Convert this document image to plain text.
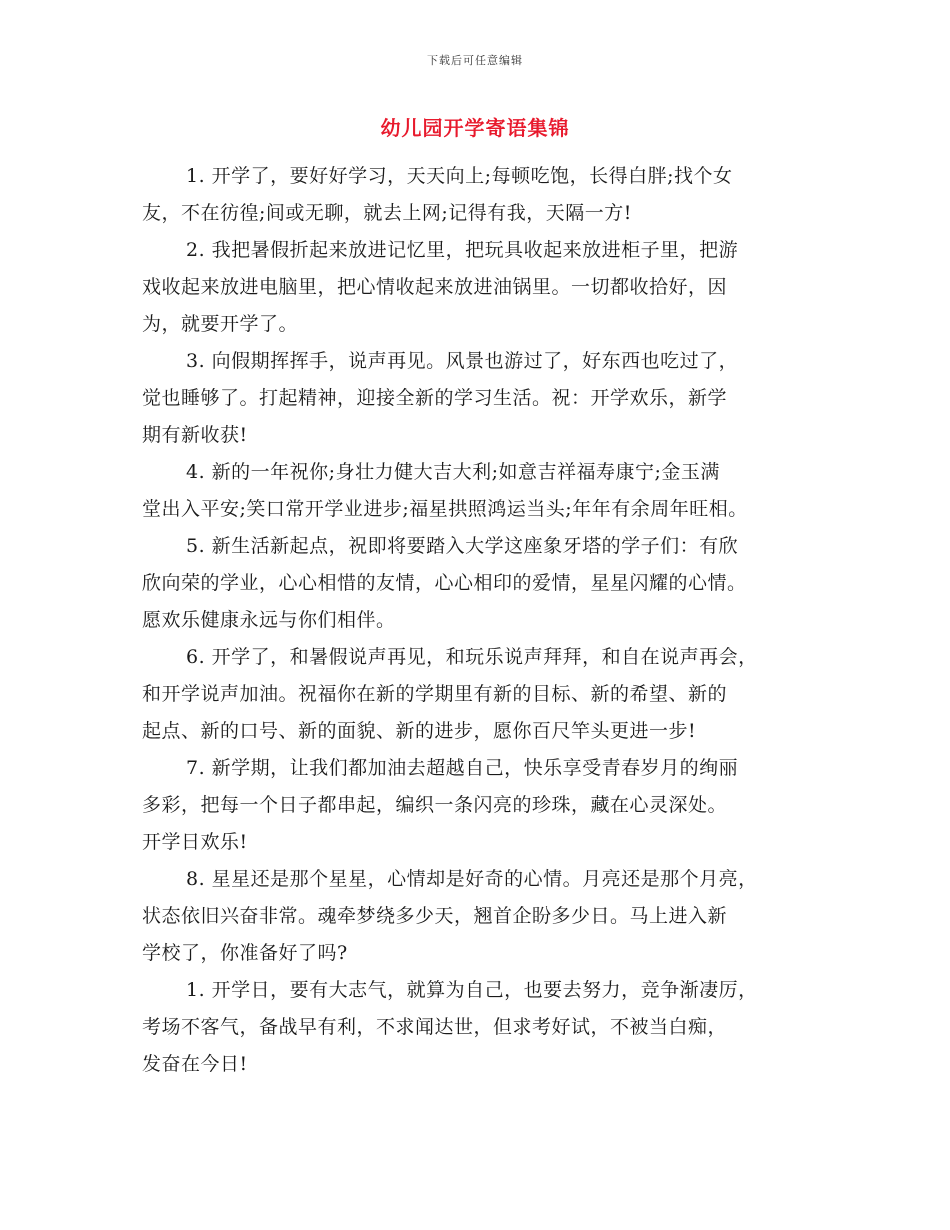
下载后可任意编辑
幼儿园开学寄语集锦
1. 开学了，要好好学习，天天向上;每顿吃饱，长得白胖;找个女
友，不在彷徨;间或无聊，就去上网;记得有我，天隔一方!
2. 我把暑假折起来放进记忆里，把玩具收起来放进柜子里，把游
戏收起来放进电脑里，把心情收起来放进油锅里。一切都收拾好，因
为，就要开学了。
3. 向假期挥挥手，说声再见。风景也游过了，好东西也吃过了，
觉也睡够了。打起精神，迎接全新的学习生活。祝：开学欢乐，新学
期有新收获!
4. 新的一年祝你;身壮力健大吉大利;如意吉祥福寿康宁;金玉满
堂出入平安;笑口常开学业进步;福星拱照鸿运当头;年年有余周年旺相。
5. 新生活新起点，祝即将要踏入大学这座象牙塔的学子们：有欣
欣向荣的学业，心心相惜的友情，心心相印的爱情，星星闪耀的心情。
愿欢乐健康永远与你们相伴。
6. 开学了，和暑假说声再见，和玩乐说声拜拜，和自在说声再会，
和开学说声加油。祝福你在新的学期里有新的目标、新的希望、新的
起点、新的口号、新的面貌、新的进步，愿你百尺竿头更进一步!
7. 新学期，让我们都加油去超越自己，快乐享受青春岁月的绚丽
多彩，把每一个日子都串起，编织一条闪亮的珍珠，藏在心灵深处。
开学日欢乐!
8. 星星还是那个星星，心情却是好奇的心情。月亮还是那个月亮，
状态依旧兴奋非常。魂牵梦绕多少天，翘首企盼多少日。马上进入新
学校了，你准备好了吗?
1. 开学日，要有大志气，就算为自己，也要去努力，竞争渐凄厉，
考场不客气，备战早有利，不求闻达世，但求考好试，不被当白痴，
发奋在今日!
